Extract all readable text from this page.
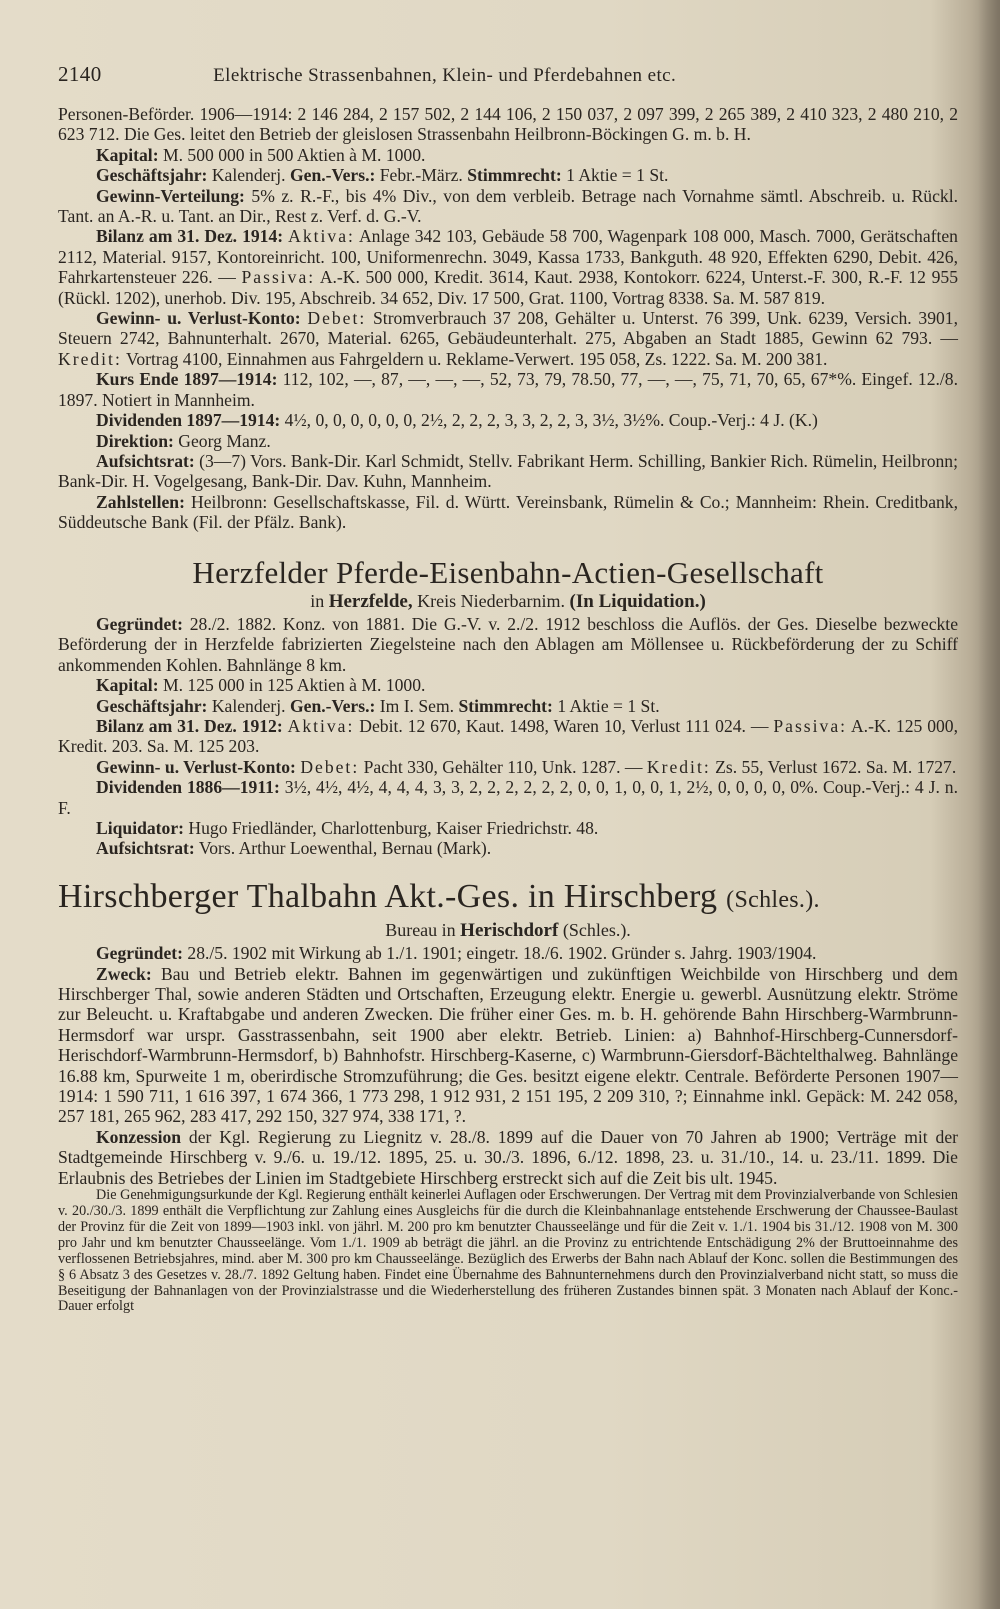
2140	Elektrische Strassenbahnen, Klein- und Pferdebahnen etc.

Personen-Beförder. 1906—1914: 2 146 284, 2 157 502, 2 144 106, 2 150 037, 2 097 399, 2 265 389, 2 410 323, 2 480 210, 2 623 712. Die Ges. leitet den Betrieb der gleislosen Strassenbahn Heilbronn-Böckingen G. m. b. H.

Kapital: M. 500 000 in 500 Aktien à M. 1000.

Geschäftsjahr: Kalenderj. Gen.-Vers.: Febr.-März. Stimmrecht: 1 Aktie = 1 St.

Gewinn-Verteilung: 5% z. R.-F., bis 4% Div., von dem verbleib. Betrage nach Vornahme sämtl. Abschreib. u. Rückl. Tant. an A.-R. u. Tant. an Dir., Rest z. Verf. d. G.-V.

Bilanz am 31. Dez. 1914: Aktiva: Anlage 342 103, Gebäude 58 700, Wagenpark 108 000, Masch. 7000, Gerätschaften 2112, Material. 9157, Kontoreinricht. 100, Uniformenrechn. 3049, Kassa 1733, Bankguth. 48 920, Effekten 6290, Debit. 426, Fahrkartensteuer 226. — Passiva: A.-K. 500 000, Kredit. 3614, Kaut. 2938, Kontokorr. 6224, Unterst.-F. 300, R.-F. 12 955 (Rückl. 1202), unerhob. Div. 195, Abschreib. 34 652, Div. 17 500, Grat. 1100, Vortrag 8338. Sa. M. 587 819.

Gewinn- u. Verlust-Konto: Debet: Stromverbrauch 37 208, Gehälter u. Unterst. 76 399, Unk. 6239, Versich. 3901, Steuern 2742, Bahnunterhalt. 2670, Material. 6265, Gebäudeunterhalt. 275, Abgaben an Stadt 1885, Gewinn 62 793. — Kredit: Vortrag 4100, Einnahmen aus Fahrgeldern u. Reklame-Verwert. 195 058, Zs. 1222. Sa. M. 200 381.

Kurs Ende 1897—1914: 112, 102, —, 87, —, —, —, 52, 73, 79, 78.50, 77, —, —, 75, 71, 70, 65, 67*%. Eingef. 12./8. 1897. Notiert in Mannheim.

Dividenden 1897—1914: 4½, 0, 0, 0, 0, 0, 0, 2½, 2, 2, 2, 3, 3, 2, 2, 3, 3½, 3½%. Coup.-Verj.: 4 J. (K.)

Direktion: Georg Manz.

Aufsichtsrat: (3—7) Vors. Bank-Dir. Karl Schmidt, Stellv. Fabrikant Herm. Schilling, Bankier Rich. Rümelin, Heilbronn; Bank-Dir. H. Vogelgesang, Bank-Dir. Dav. Kuhn, Mannheim.

Zahlstellen: Heilbronn: Gesellschaftskasse, Fil. d. Württ. Vereinsbank, Rümelin & Co.; Mannheim: Rhein. Creditbank, Süddeutsche Bank (Fil. der Pfälz. Bank).

Herzfelder Pferde-Eisenbahn-Actien-Gesellschaft
in Herzfelde, Kreis Niederbarnim. (In Liquidation.)

Gegründet: 28./2. 1882. Konz. von 1881. Die G.-V. v. 2./2. 1912 beschloss die Auflös. der Ges. Dieselbe bezweckte Beförderung der in Herzfelde fabrizierten Ziegelsteine nach den Ablagen am Möllensee u. Rückbeförderung der zu Schiff ankommenden Kohlen. Bahnlänge 8 km.

Kapital: M. 125 000 in 125 Aktien à M. 1000.

Geschäftsjahr: Kalenderj. Gen.-Vers.: Im I. Sem. Stimmrecht: 1 Aktie = 1 St.

Bilanz am 31. Dez. 1912: Aktiva: Debit. 12 670, Kaut. 1498, Waren 10, Verlust 111 024. — Passiva: A.-K. 125 000, Kredit. 203. Sa. M. 125 203.

Gewinn- u. Verlust-Konto: Debet: Pacht 330, Gehälter 110, Unk. 1287. — Kredit: Zs. 55, Verlust 1672. Sa. M. 1727.

Dividenden 1886—1911: 3½, 4½, 4½, 4, 4, 4, 3, 3, 2, 2, 2, 2, 2, 2, 0, 0, 1, 0, 0, 1, 2½, 0, 0, 0, 0, 0%. Coup.-Verj.: 4 J. n. F.

Liquidator: Hugo Friedländer, Charlottenburg, Kaiser Friedrichstr. 48.

Aufsichtsrat: Vors. Arthur Loewenthal, Bernau (Mark).

Hirschberger Thalbahn Akt.-Ges. in Hirschberg (Schles.).
Bureau in Herischdorf (Schles.).

Gegründet: 28./5. 1902 mit Wirkung ab 1./1. 1901; eingetr. 18./6. 1902. Gründer s. Jahrg. 1903/1904.

Zweck: Bau und Betrieb elektr. Bahnen im gegenwärtigen und zukünftigen Weichbilde von Hirschberg und dem Hirschberger Thal, sowie anderen Städten und Ortschaften, Erzeugung elektr. Energie u. gewerbl. Ausnützung elektr. Ströme zur Beleucht. u. Kraftabgabe und anderen Zwecken. Die früher einer Ges. m. b. H. gehörende Bahn Hirschberg-Warmbrunn-Hermsdorf war urspr. Gasstrassenbahn, seit 1900 aber elektr. Betrieb. Linien: a) Bahnhof-Hirschberg-Cunnersdorf-Herischdorf-Warmbrunn-Hermsdorf, b) Bahnhofstr. Hirschberg-Kaserne, c) Warmbrunn-Giersdorf-Bächtelthalweg. Bahnlänge 16.88 km, Spurweite 1 m, oberirdische Stromzuführung; die Ges. besitzt eigene elektr. Centrale. Beförderte Personen 1907—1914: 1 590 711, 1 616 397, 1 674 366, 1 773 298, 1 912 931, 2 151 195, 2 209 310, ?; Einnahme inkl. Gepäck: M. 242 058, 257 181, 265 962, 283 417, 292 150, 327 974, 338 171, ?.

Konzession der Kgl. Regierung zu Liegnitz v. 28./8. 1899 auf die Dauer von 70 Jahren ab 1900; Verträge mit der Stadtgemeinde Hirschberg v. 9./6. u. 19./12. 1895, 25. u. 30./3. 1896, 6./12. 1898, 23. u. 31./10., 14. u. 23./11. 1899. Die Erlaubnis des Betriebes der Linien im Stadtgebiete Hirschberg erstreckt sich auf die Zeit bis ult. 1945.

Die Genehmigungsurkunde der Kgl. Regierung enthält keinerlei Auflagen oder Erschwerungen. Der Vertrag mit dem Provinzialverbande von Schlesien v. 20./30./3. 1899 enthält die Verpflichtung zur Zahlung eines Ausgleichs für die durch die Kleinbahnanlage entstehende Erschwerung der Chaussee-Baulast der Provinz für die Zeit von 1899—1903 inkl. von jährl. M. 200 pro km benutzter Chausseelänge und für die Zeit v. 1./1. 1904 bis 31./12. 1908 von M. 300 pro Jahr und km benutzter Chausseelänge. Vom 1./1. 1909 ab beträgt die jährl. an die Provinz zu entrichtende Entschädigung 2% der Bruttoeinnahme des verflossenen Betriebsjahres, mind. aber M. 300 pro km Chausseelänge. Bezüglich des Erwerbs der Bahn nach Ablauf der Konc. sollen die Bestimmungen des § 6 Absatz 3 des Gesetzes v. 28./7. 1892 Geltung haben. Findet eine Übernahme des Bahnunternehmens durch den Provinzialverband nicht statt, so muss die Beseitigung der Bahnanlagen von der Provinzialstrasse und die Wiederherstellung des früheren Zustandes binnen spät. 3 Monaten nach Ablauf der Konc.-Dauer erfolgt
